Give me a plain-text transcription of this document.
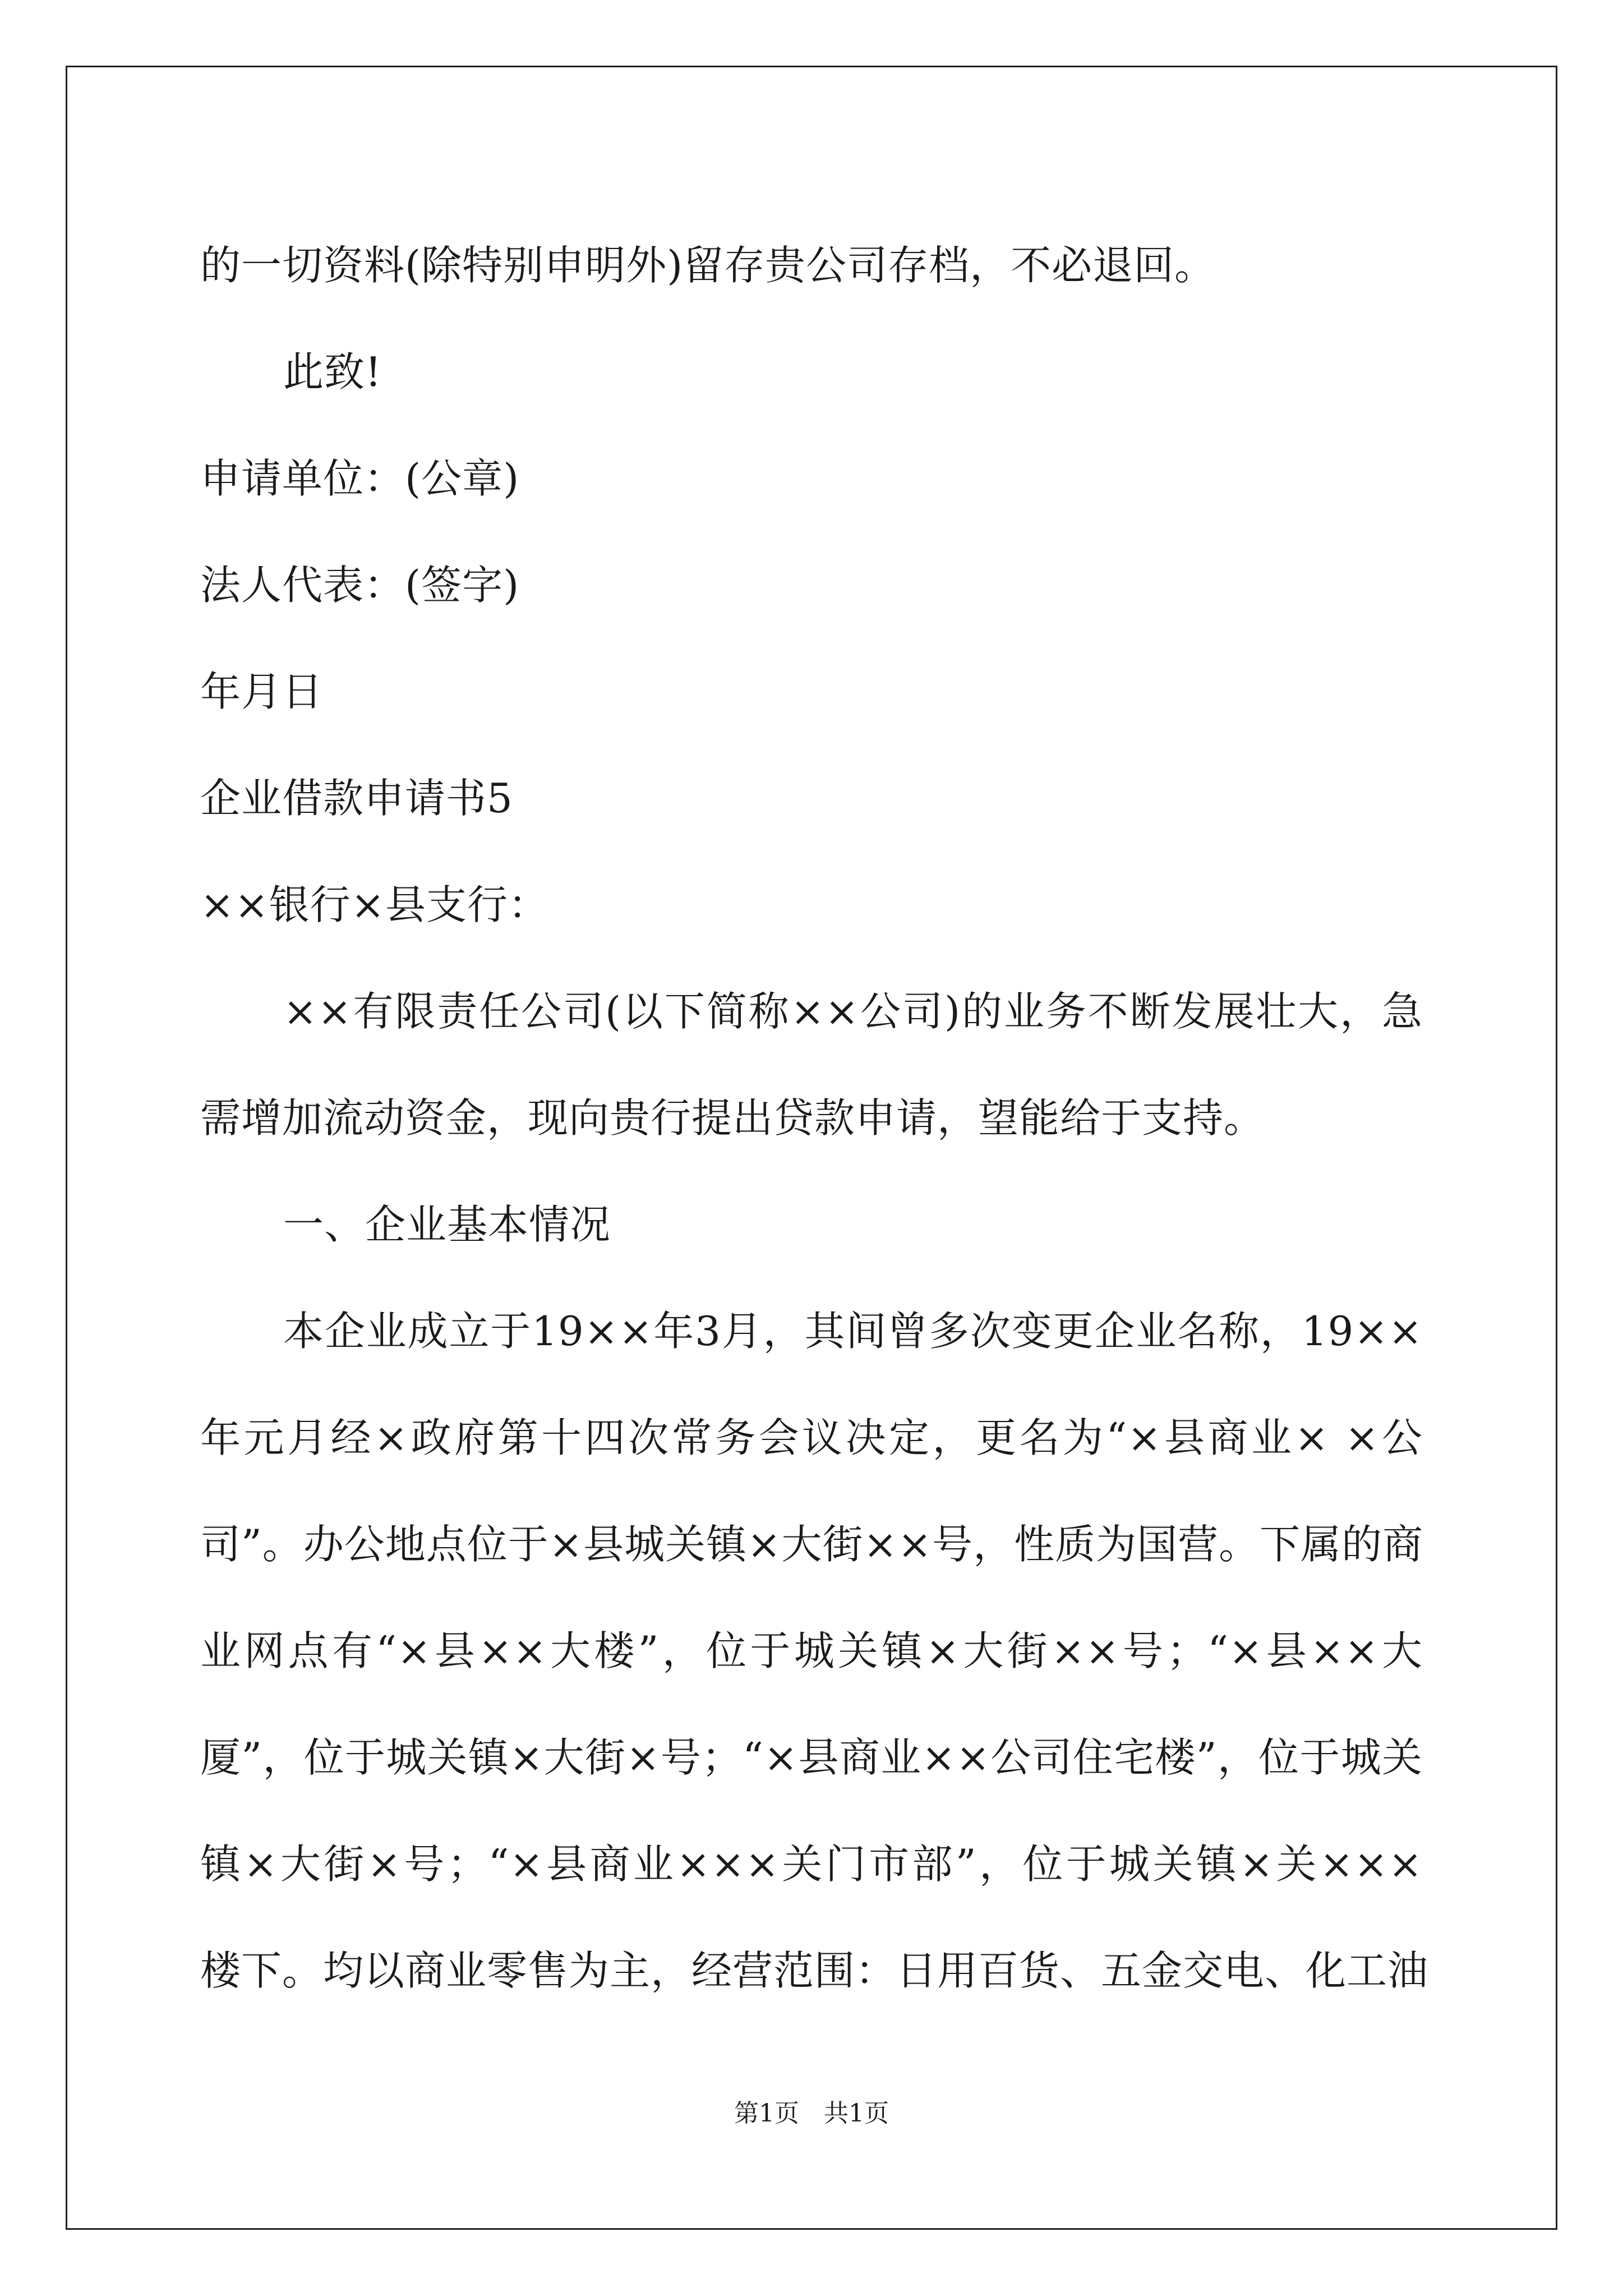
的一切资料(除特别申明外)留存贵公司存档，不必退回。
此致!
申请单位：(公章)
法人代表：(签字)
年月日
企业借款申请书5
××银行×县支行：
××有限责任公司(以下简称××公司)的业务不断发展壮大，急
需增加流动资金，现向贵行提出贷款申请，望能给于支持。
一、企业基本情况
本企业成立于19××年3月，其间曾多次变更企业名称，19××
年元月经×政府第十四次常务会议决定，更名为“×县商业× ×公
司”。办公地点位于×县城关镇×大街××号，性质为国营。下属的商
业网点有“×县××大楼”，位于城关镇×大街××号；“×县××大
厦”，位于城关镇×大街×号；“×县商业××公司住宅楼”，位于城关
镇×大街×号；“×县商业×××关门市部”，位于城关镇×关×××
楼下。均以商业零售为主，经营范围：日用百货、五金交电、化工油
第1页　共1页
